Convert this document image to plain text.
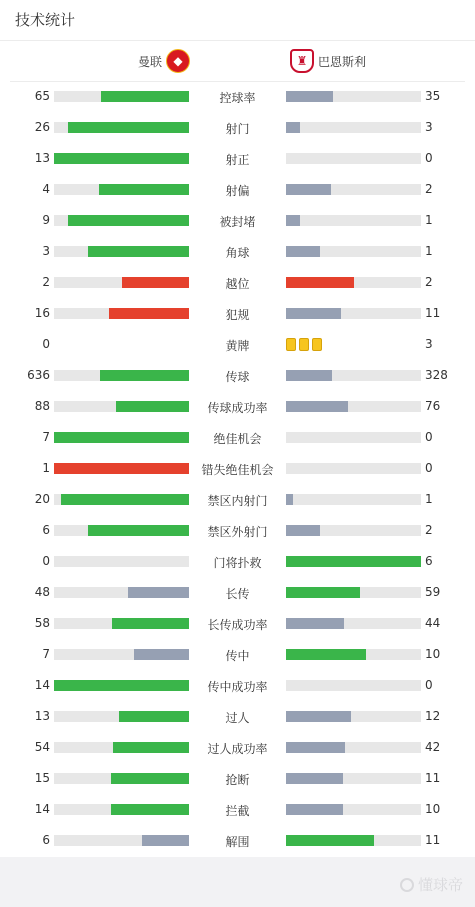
技术统计
曼联 ◆	♜ 巴恩斯利
65	控球率	35
26	射门	3
13	射正	0
4	射偏	2
9	被封堵	1
3	角球	1
2	越位	2
16	犯规	11
0	黄牌	3
636	传球	328
88	传球成功率	76
7	绝佳机会	0
1	错失绝佳机会	0
20	禁区内射门	1
6	禁区外射门	2
0	门将扑救	6
48	长传	59
58	长传成功率	44
7	传中	10
14	传中成功率	0
13	过人	12
54	过人成功率	42
15	抢断	11
14	拦截	10
6	解围	11
懂球帝
